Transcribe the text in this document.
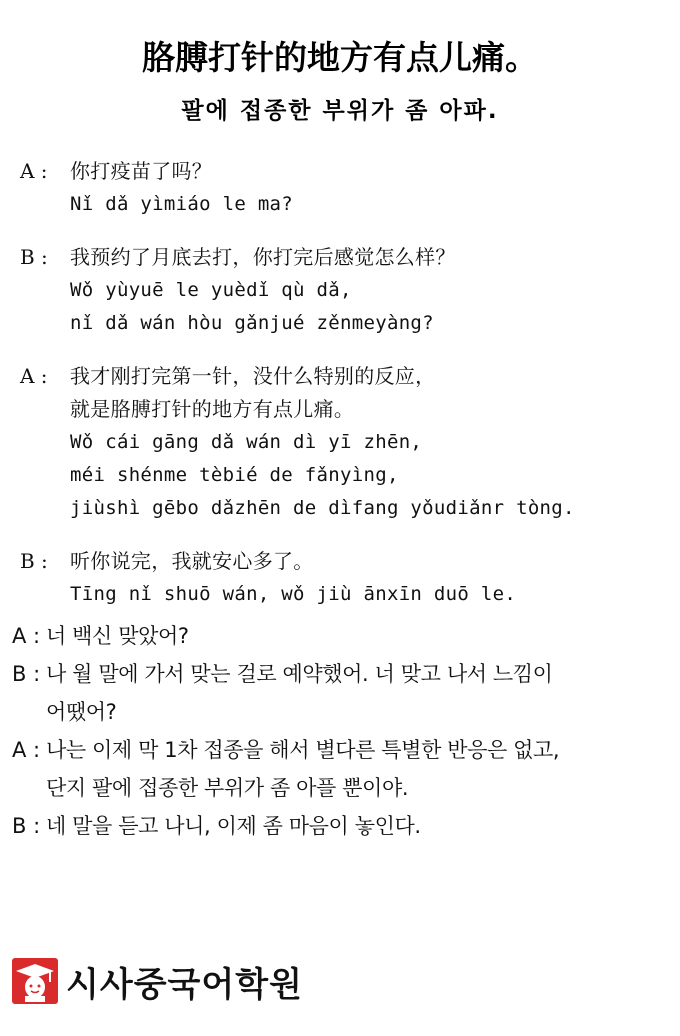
胳膊打针的地方有点儿痛。
팔에 접종한 부위가 좀 아파.
A :	你打疫苗了吗？
Nǐ dǎ yìmiáo le ma?
B :	我预约了月底去打，你打完后感觉怎么样？
Wǒ yùyuē le yuèdǐ qù dǎ,
nǐ dǎ wán hòu gǎnjué zěnmeyàng?
A :	我才刚打完第一针，没什么特别的反应，
就是胳膊打针的地方有点儿痛。
Wǒ cái gāng dǎ wán dì yī zhēn,
méi shénme tèbié de fǎnyìng,
jiùshì gēbo dǎzhēn de dìfang yǒudiǎnr tòng.
B :	听你说完，我就安心多了。
Tīng nǐ shuō wán, wǒ jiù ānxīn duō le.
A : 너 백신 맞았어?
B : 나 월 말에 가서 맞는 걸로 예약했어. 너 맞고 나서 느낌이
어땠어?
A : 나는 이제 막 1차 접종을 해서 별다른 특별한 반응은 없고,
단지 팔에 접종한 부위가 좀 아플 뿐이야.
B : 네 말을 듣고 나니, 이제 좀 마음이 놓인다.
시사중국어학원
